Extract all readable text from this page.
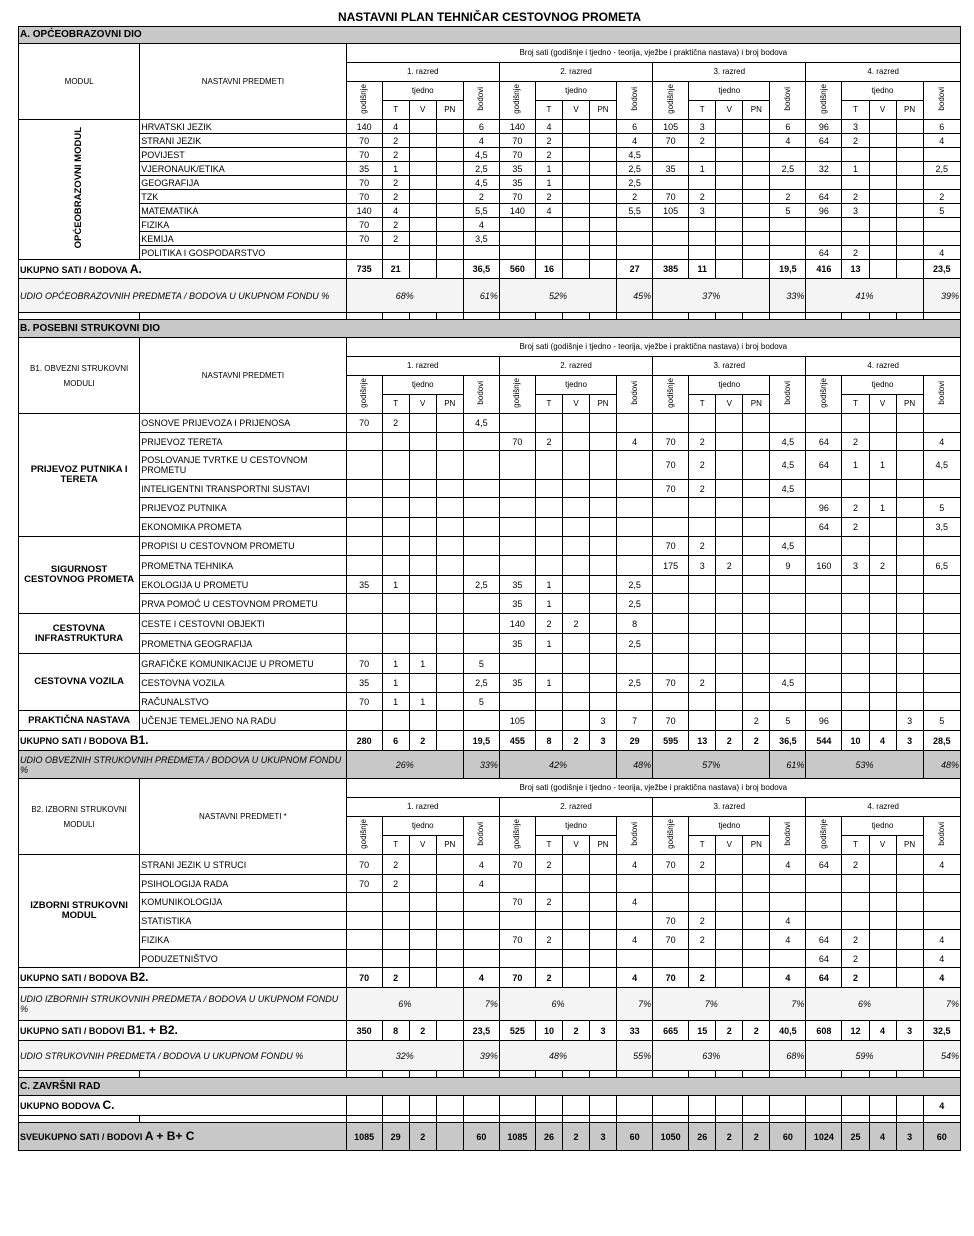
NASTAVNI PLAN TEHNIČAR CESTOVNOG PROMETA																					
A. OPĆEOBRAZOVNI DIO																					
MODUL	NASTAVNI PREDMETI	Broj sati (godišnje i tjedno - teorija, vježbe i praktična nastava) i broj bodova																			
		1. razred					2. razred					3. razred					4. razred				
		godišnje	tjedno			bodovi	godišnje	tjedno			bodovi	godišnje	tjedno			bodovi	godišnje	tjedno			bodovi
			T	V	PN			T	V	PN			T	V	PN			T	V	PN	
OPĆEOBRAZOVNI MODUL	HRVATSKI JEZIK	140	4			6	140	4			6	105	3			6	96	3			6
	STRANI JEZIK	70	2			4	70	2			4	70	2			4	64	2			4
	POVIJEST	70	2			4,5	70	2			4,5										
	VJERONAUK/ETIKA	35	1			2,5	35	1			2,5	35	1			2,5	32	1			2,5
	GEOGRAFIJA	70	2			4,5	35	1			2,5										
	TZK	70	2			2	70	2			2	70	2			2	64	2			2
	MATEMATIKA	140	4			5,5	140	4			5,5	105	3			5	96	3			5
	FIZIKA	70	2			4															
	KEMIJA	70	2			3,5															
	POLITIKA I GOSPODARSTVO																64	2			4
UKUPNO SATI / BODOVA A.		735	21			36,5	560	16			27	385	11			19,5	416	13			23,5
UDIO OPĆEOBRAZOVNIH PREDMETA / BODOVA U UKUPNOM FONDU %		68%				61%	52%				45%	37%				33%	41%				39%

B. POSEBNI STRUKOVNI DIO																					
B1. OBVEZNI STRUKOVNI MODULI	NASTAVNI PREDMETI	Broj sati (godišnje i tjedno - teorija, vježbe i praktična nastava) i broj bodova																			
		1. razred					2. razred					3. razred					4. razred				
		godišnje	tjedno			bodovi	godišnje	tjedno			bodovi	godišnje	tjedno			bodovi	godišnje	tjedno			bodovi
			T	V	PN			T	V	PN			T	V	PN			T	V	PN	
PRIJEVOZ PUTNIKA I TERETA	OSNOVE PRIJEVOZA I PRIJENOSA	70	2			4,5															
	PRIJEVOZ TERETA						70	2			4	70	2			4,5	64	2			4
	POSLOVANJE TVRTKE U CESTOVNOM PROMETU											70	2			4,5	64	1	1		4,5
	INTELIGENTNI TRANSPORTNI SUSTAVI											70	2			4,5					
	PRIJEVOZ PUTNIKA																96	2	1		5
	EKONOMIKA PROMETA																64	2			3,5
SIGURNOST CESTOVNOG PROMETA	PROPISI U CESTOVNOM PROMETU											70	2			4,5					
	PROMETNA TEHNIKA											175	3	2		9	160	3	2		6,5
	EKOLOGIJA U PROMETU	35	1			2,5	35	1			2,5										
	PRVA POMOĆ U CESTOVNOM PROMETU						35	1			2,5										
CESTOVNA INFRASTRUKTURA	CESTE I CESTOVNI OBJEKTI						140	2	2		8										
	PROMETNA GEOGRAFIJA						35	1			2,5										
CESTOVNA VOZILA	GRAFIČKE KOMUNIKACIJE U PROMETU	70	1	1		5															
	CESTOVNA VOZILA	35	1			2,5	35	1			2,5	70	2			4,5					
	RAČUNALSTVO	70	1	1		5															
PRAKTIČNA NASTAVA	UČENJE TEMELJENO NA RADU						105			3	7	70			2	5	96			3	5
UKUPNO SATI / BODOVA B1.		280	6	2		19,5	455	8	2	3	29	595	13	2	2	36,5	544	10	4	3	28,5
UDIO OBVEZNIH STRUKOVNIH PREDMETA / BODOVA U UKUPNOM FONDU %		26%				33%	42%				48%	57%				61%	53%				48%
B2. IZBORNI STRUKOVNI MODULI	NASTAVNI PREDMETI *	Broj sati (godišnje i tjedno - teorija, vježbe i praktična nastava) i broj bodova																			
		1. razred					2. razred					3. razred					4. razred				
		godišnje	tjedno			bodovi	godišnje	tjedno			bodovi	godišnje	tjedno			bodovi	godišnje	tjedno			bodovi
			T	V	PN			T	V	PN			T	V	PN			T	V	PN	
IZBORNI STRUKOVNI MODUL	STRANI JEZIK U STRUCI	70	2			4	70	2			4	70	2			4	64	2			4
	PSIHOLOGIJA RADA	70	2			4															
	KOMUNIKOLOGIJA						70	2			4										
	STATISTIKA											70	2			4					
	FIZIKA						70	2			4	70	2			4	64	2			4
	PODUZETNIŠTVO																64	2			4
UKUPNO SATI / BODOVA B2.		70	2			4	70	2			4	70	2			4	64	2			4
UDIO IZBORNIH STRUKOVNIH PREDMETA / BODOVA U UKUPNOM FONDU %		6%				7%	6%				7%	7%				7%	6%				7%
UKUPNO SATI / BODOVI B1. + B2.		350	8	2		23,5	525	10	2	3	33	665	15	2	2	40,5	608	12	4	3	32,5
UDIO STRUKOVNIH PREDMETA / BODOVA U UKUPNOM FONDU %		32%				39%	48%				55%	63%				68%	59%				54%

C. ZAVRŠNI RAD																					
UKUPNO BODOVA C.																					4

SVEUKUPNO SATI / BODOVI A + B+ C		1085	29	2		60	1085	26	2	3	60	1050	26	2	2	60	1024	25	4	3	60
